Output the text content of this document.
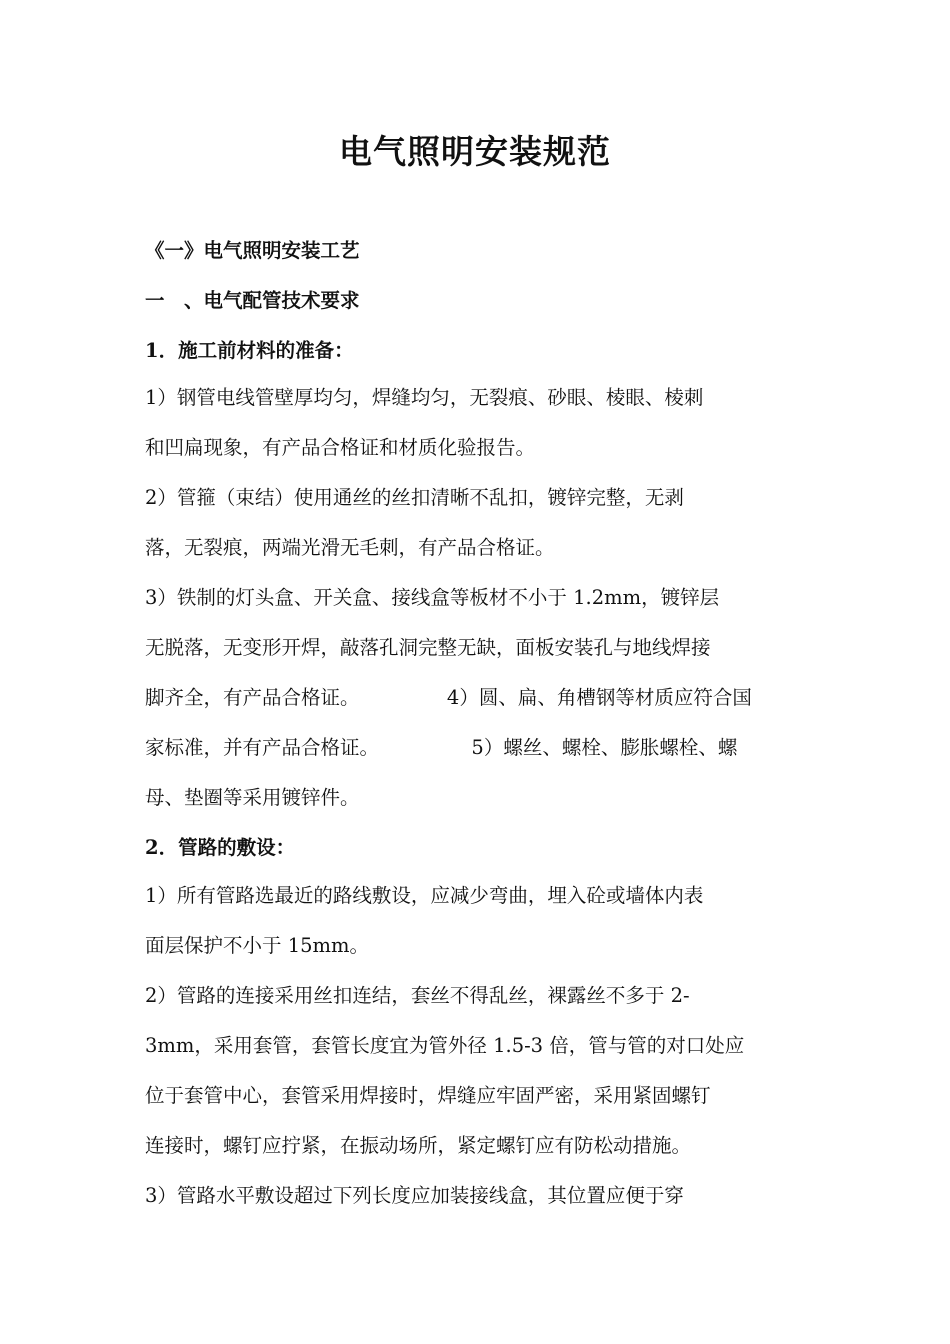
电气照明安装规范
《一》电气照明安装工艺
一　、电气配管技术要求
1．施工前材料的准备：
1）钢管电线管壁厚均匀，焊缝均匀，无裂痕、砂眼、棱眼、棱刺
和凹扁现象，有产品合格证和材质化验报告。
2）管箍（束结）使用通丝的丝扣清晰不乱扣，镀锌完整，无剥
落，无裂痕，两端光滑无毛刺，有产品合格证。
3）铁制的灯头盒、开关盒、接线盒等板材不小于 1.2mm，镀锌层
无脱落，无变形开焊，敲落孔洞完整无缺，面板安装孔与地线焊接
脚齐全，有产品合格证。	4）圆、扁、角槽钢等材质应符合国
家标准，并有产品合格证。	5）螺丝、螺栓、膨胀螺栓、螺
母、垫圈等采用镀锌件。
2．管路的敷设：
1）所有管路选最近的路线敷设，应减少弯曲，埋入砼或墙体内表
面层保护不小于 15mm。
2）管路的连接采用丝扣连结，套丝不得乱丝，裸露丝不多于 2-
3mm，采用套管，套管长度宜为管外径 1.5-3 倍，管与管的对口处应
位于套管中心，套管采用焊接时，焊缝应牢固严密，采用紧固螺钉
连接时，螺钉应拧紧，在振动场所，紧定螺钉应有防松动措施。
3）管路水平敷设超过下列长度应加装接线盒，其位置应便于穿
